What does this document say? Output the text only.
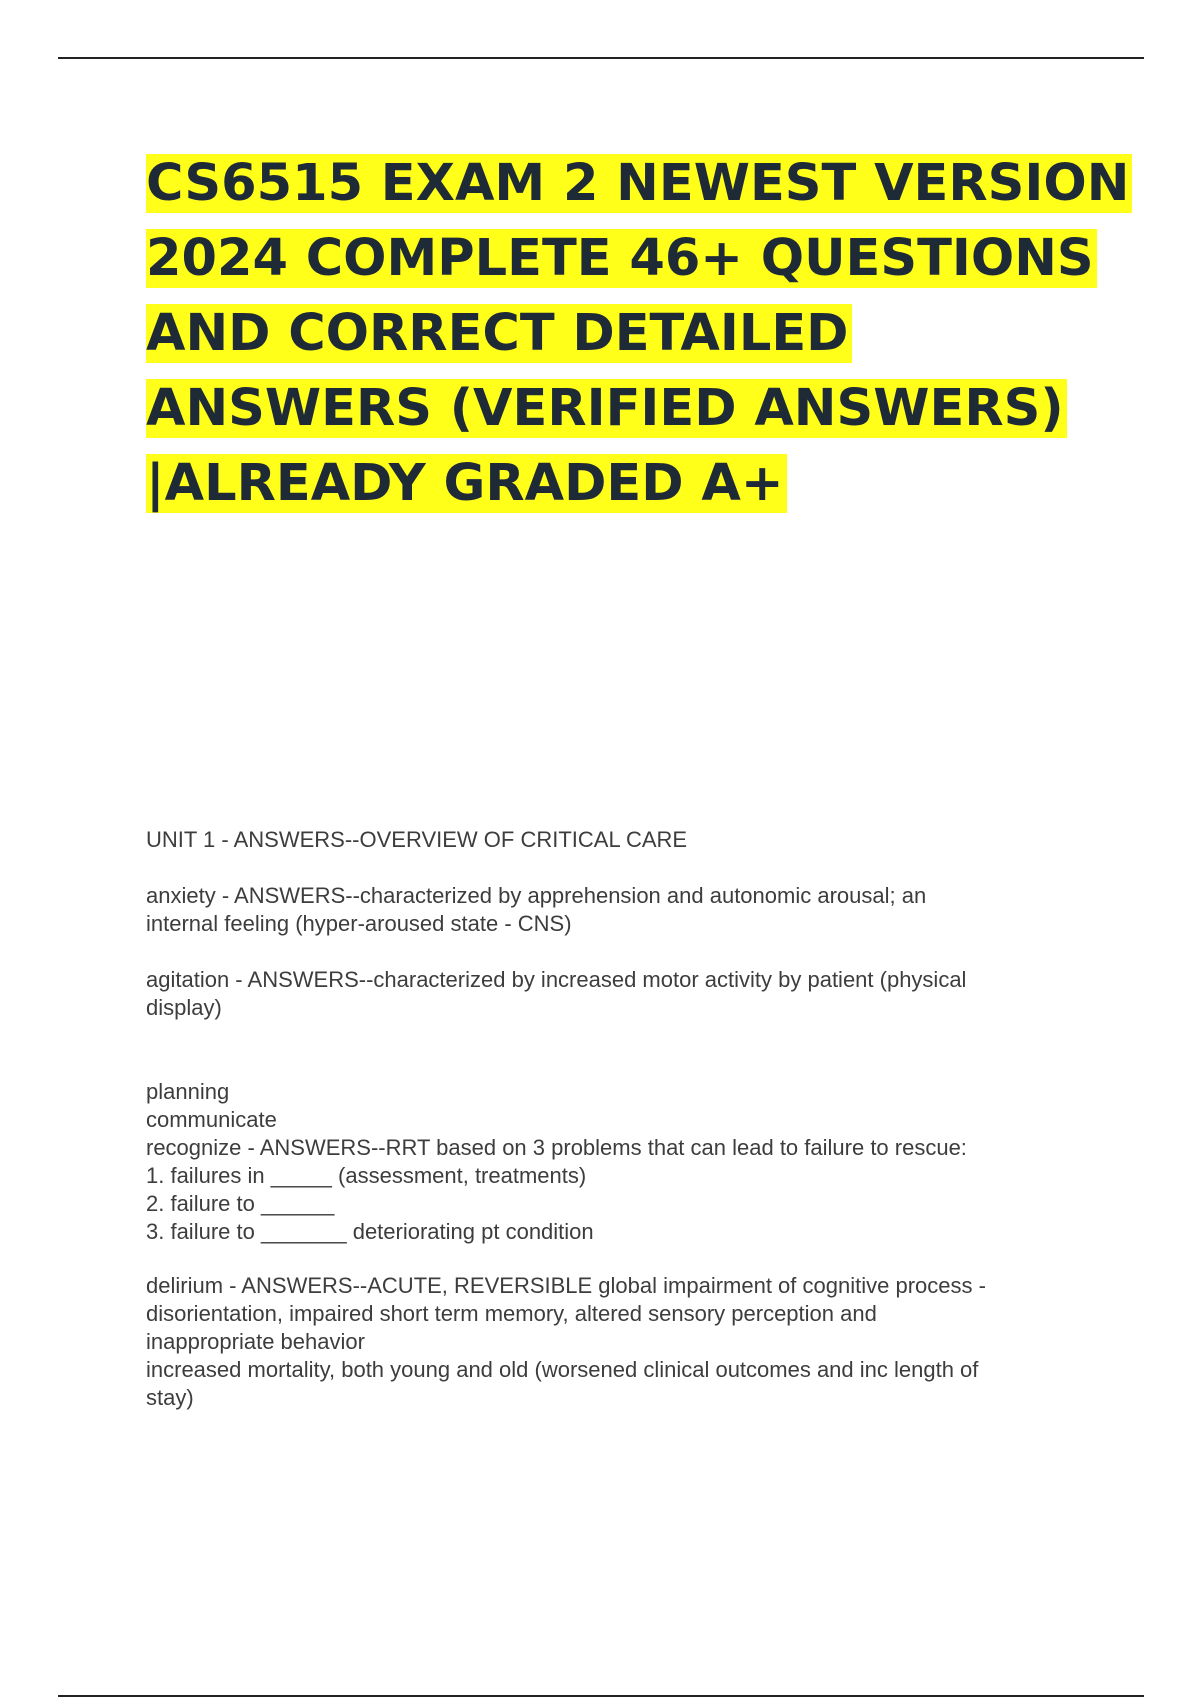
CS6515 EXAM 2 NEWEST VERSION
2024 COMPLETE 46+ QUESTIONS
AND CORRECT DETAILED
ANSWERS (VERIFIED ANSWERS)
|ALREADY GRADED A+

UNIT 1 - ANSWERS--OVERVIEW OF CRITICAL CARE

anxiety - ANSWERS--characterized by apprehension and autonomic arousal; an
internal feeling (hyper-aroused state - CNS)

agitation - ANSWERS--characterized by increased motor activity by patient (physical
display)

planning
communicate
recognize - ANSWERS--RRT based on 3 problems that can lead to failure to rescue:
1. failures in _____ (assessment, treatments)
2. failure to ______
3. failure to _______ deteriorating pt condition

delirium - ANSWERS--ACUTE, REVERSIBLE global impairment of cognitive process -
disorientation, impaired short term memory, altered sensory perception and
inappropriate behavior
increased mortality, both young and old (worsened clinical outcomes and inc length of
stay)
